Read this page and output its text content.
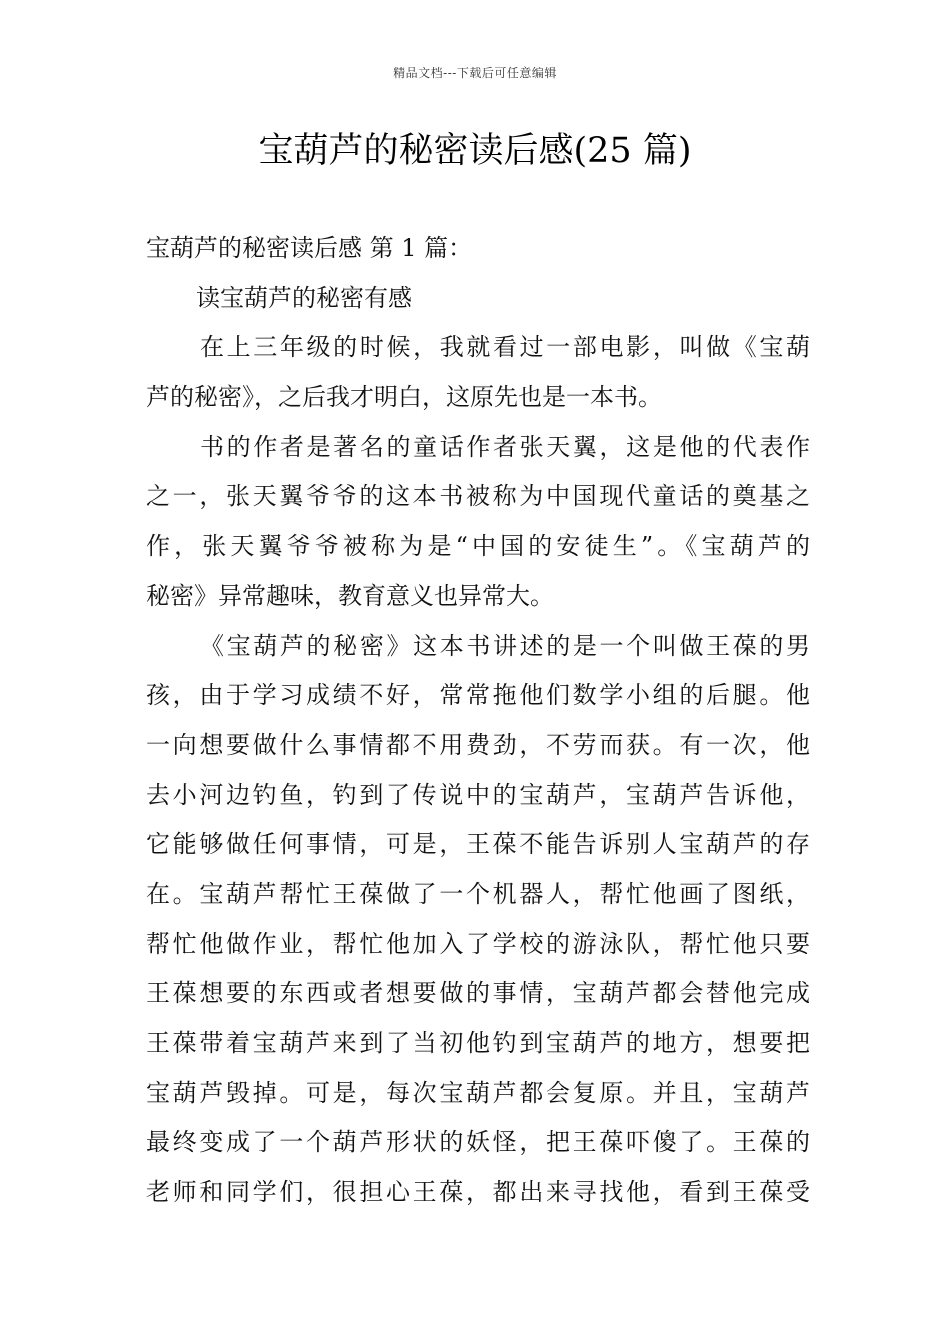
精品文档---下载后可任意编辑
宝葫芦的秘密读后感(25 篇)
宝葫芦的秘密读后感 第 1 篇：
读宝葫芦的秘密有感
在上三年级的时候，我就看过一部电影，叫做《宝葫
芦的秘密》，之后我才明白，这原先也是一本书。
书的作者是著名的童话作者张天翼，这是他的代表作
之一，张天翼爷爷的这本书被称为中国现代童话的奠基之
作，张天翼爷爷被称为是“中国的安徒生”。《宝葫芦的
秘密》异常趣味，教育意义也异常大。
《宝葫芦的秘密》这本书讲述的是一个叫做王葆的男
孩，由于学习成绩不好，常常拖他们数学小组的后腿。他
一向想要做什么事情都不用费劲，不劳而获。有一次，他
去小河边钓鱼，钓到了传说中的宝葫芦，宝葫芦告诉他，
它能够做任何事情，可是，王葆不能告诉别人宝葫芦的存
在。宝葫芦帮忙王葆做了一个机器人，帮忙他画了图纸，
帮忙他做作业，帮忙他加入了学校的游泳队，帮忙他只要
王葆想要的东西或者想要做的事情，宝葫芦都会替他完成
王葆带着宝葫芦来到了当初他钓到宝葫芦的地方，想要把
宝葫芦毁掉。可是，每次宝葫芦都会复原。并且，宝葫芦
最终变成了一个葫芦形状的妖怪，把王葆吓傻了。王葆的
老师和同学们，很担心王葆，都出来寻找他，看到王葆受
